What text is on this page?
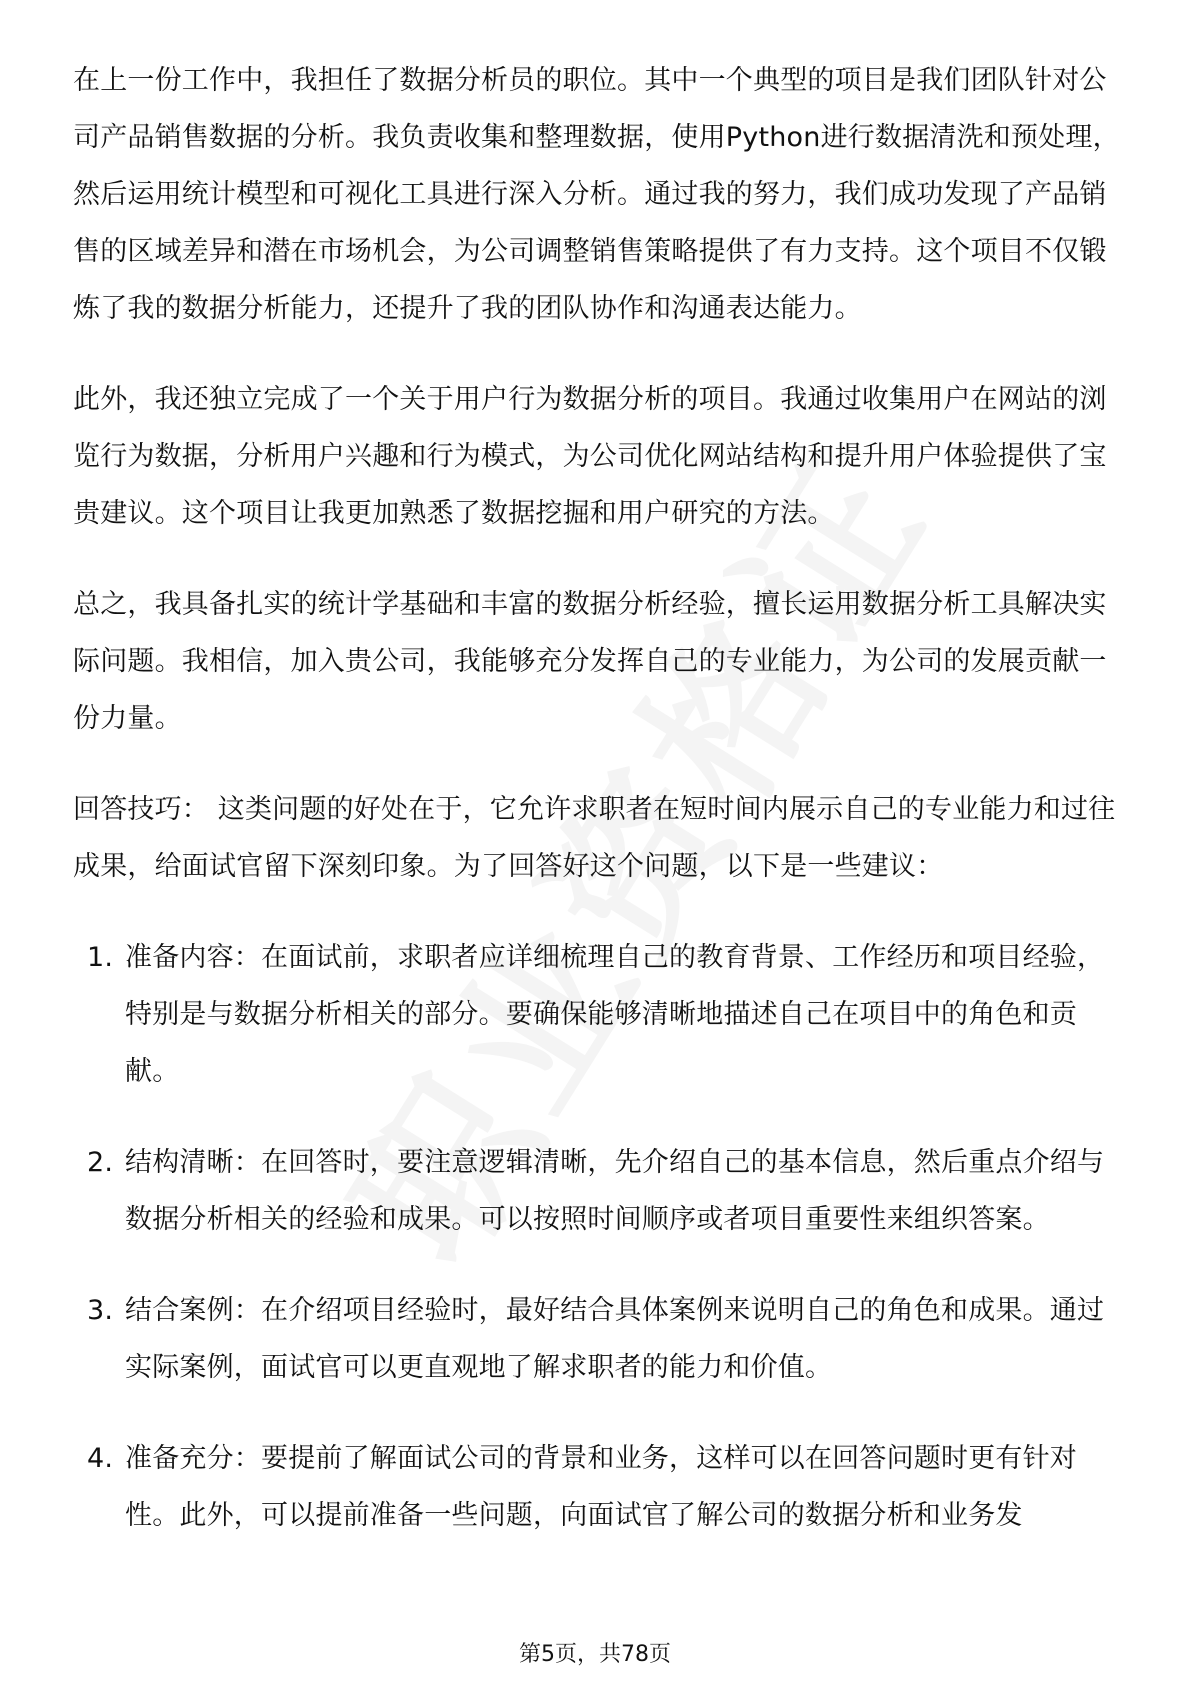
在上一份工作中，我担任了数据分析员的职位。其中一个典型的项目是我们团队针对公司产品销售数据的分析。我负责收集和整理数据，使用Python进行数据清洗和预处理，然后运用统计模型和可视化工具进行深入分析。通过我的努力，我们成功发现了产品销售的区域差异和潜在市场机会，为公司调整销售策略提供了有力支持。这个项目不仅锻炼了我的数据分析能力，还提升了我的团队协作和沟通表达能力。

此外，我还独立完成了一个关于用户行为数据分析的项目。我通过收集用户在网站的浏览行为数据，分析用户兴趣和行为模式，为公司优化网站结构和提升用户体验提供了宝贵建议。这个项目让我更加熟悉了数据挖掘和用户研究的方法。

总之，我具备扎实的统计学基础和丰富的数据分析经验，擅长运用数据分析工具解决实际问题。我相信，加入贵公司，我能够充分发挥自己的专业能力，为公司的发展贡献一份力量。

回答技巧： 这类问题的好处在于，它允许求职者在短时间内展示自己的专业能力和过往成果，给面试官留下深刻印象。为了回答好这个问题，以下是一些建议：

1. 准备内容：在面试前，求职者应详细梳理自己的教育背景、工作经历和项目经验，特别是与数据分析相关的部分。要确保能够清晰地描述自己在项目中的角色和贡献。
2. 结构清晰：在回答时，要注意逻辑清晰，先介绍自己的基本信息，然后重点介绍与数据分析相关的经验和成果。可以按照时间顺序或者项目重要性来组织答案。
3. 结合案例：在介绍项目经验时，最好结合具体案例来说明自己的角色和成果。通过实际案例，面试官可以更直观地了解求职者的能力和价值。
4. 准备充分：要提前了解面试公司的背景和业务，这样可以在回答问题时更有针对性。此外，可以提前准备一些问题，向面试官了解公司的数据分析和业务发
第5页，共78页
